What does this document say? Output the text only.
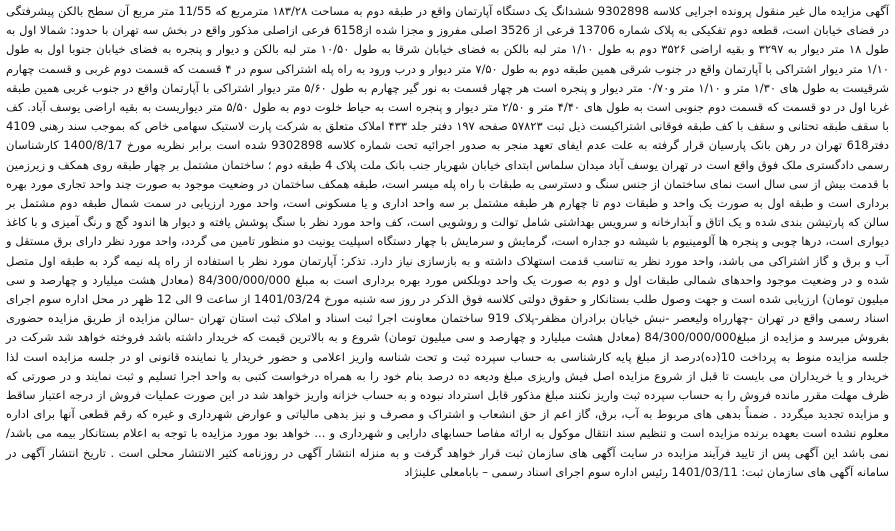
آگهی مزایده مال غیر منقول پرونده اجرایی کلاسه 9302898 ششدانگ یک دستگاه آپارتمان واقع در طبقه دوم به مساحت ۱۸۳/۲۸ مترمربع که 11/55 متر مربع آن سطح بالکن پیشرفتگی در فضای خیابان است، قطعه دوم تفکیکی به پلاک شماره 13706 فرعی از 3526 اصلی مفروز و مجزا شده از6158 فرعی ازاصلی مذکور واقع در بخش سه تهران با حدود: شمالا اول به طول ۱۸ متر دیوار به ۳۲۹۷ و بقیه اراضی ۳۵۲۶ دوم به طول ۱/۱۰ متر لبه بالکن به فضای خیابان شرقا به طول ۱۰/۵۰ متر لبه بالکن و دیوار و پنجره به فضای خیابان جنوبا اول به طول ۱/۱۰ متر دیوار اشتراکی با آپارتمان واقع در جنوب شرقی همین طبقه دوم به طول ۷/۵۰ متر دیوار و درب ورود به راه پله اشتراکی سوم در ۴ قسمت که قسمت دوم غربی و قسمت چهارم شرقیست به طول های ۱/۳۰ متر و ۱/۱۰ متر و۰/۷۰ متر دیوار و پنجره است هر چهار قسمت به نور گیر چهارم به طول ۵/۶۰ متر دیوار اشتراکی با آپارتمان واقع در جنوب غربی همین طبقه غربا اول در دو قسمت که قسمت دوم جنوبی است به طول های ۴/۴۰ متر و ۲/۵۰ متر دیوار و پنجره است به حیاط خلوت دوم به طول ۵/۵۰ متر دیواریست به بقیه اراضی یوسف آباد. کف با سقف طبقه تحتانی و سقف با کف طبقه فوقانی اشتراکیست ذیل ثبت ۵۷۸۲۳ صفحه ۱۹۷ دفتر جلد ۴۳۳ املاک متعلق به شرکت پارت لاستیک سهامی خاص که بموجب سند رهنی 4109 دفتر618 تهران در رهن بانک پارسیان قرار گرفته به علت عدم ایفای تعهد منجر به صدور اجرائیه تحت شماره کلاسه 9302898 شده است برابر نظریه مورخ 1400/8/17 کارشناسان رسمی دادگستری ملک فوق واقع است در تهران یوسف آباد میدان سلماس ابتدای خیابان شهریار جنب بانک ملت پلاک 4 طبقه دوم ؛ ساختمان مشتمل بر چهار طبقه روی همکف و زیرزمین با قدمت بیش از سی سال است نمای ساختمان از جنس سنگ و دسترسی به طبقات با راه پله میسر است، طبقه همکف ساختمان در وضعیت موجود به صورت چند واحد تجاری مورد بهره برداری است و طبقه اول به صورت یک واحد و طبقات دوم تا چهارم هر طبقه مشتمل بر سه واحد اداری و یا مسکونی است، واحد مورد ارزیابی در سمت شمال طبقه دوم مشتمل بر سالن که پارتیشن بندی شده و یک اتاق و آبدارخانه و سرویس بهداشتی شامل توالت و روشویی است، کف واحد مورد نظر با سنگ پوشش یافته و دیوار ها اندود گچ و رنگ آمیزی و با کاغذ دیواری است، درها چوبی و پنجره ها آلومینیوم با شیشه دو جداره است، گرمایش و سرمایش با چهار دستگاه اسپلیت یونیت دو منظور تامین می گردد، واحد مورد نظر دارای برق مستقل و آب و برق و گاز اشتراکی می باشد، واحد مورد نظر به تناسب قدمت استهلاک داشته و به بازسازی نیاز دارد. تذکر: آپارتمان مورد نظر با استفاده از راه پله نیمه گرد به طبقه اول متصل شده و در وضعیت موجود واحدهای شمالی طبقات اول و دوم به صورت یک واحد دوبلکس مورد بهره برداری است به مبلغ 84/300/000/000 (معادل هشت میلیارد و چهارصد و سی میلیون تومان) ارزیابی شده است و جهت وصول طلب بستانکار و حقوق دولتی کلاسه فوق الذکر در روز سه شنبه مورخ 1401/03/24 از ساعت 9 الی 12 ظهر در محل اداره سوم اجرای اسناد رسمی واقع در تهران -چهارراه ولیعصر -نبش خیابان برادران مظفر-پلاک 919 ساختمان معاونت اجرا ثبت اسناد و املاک ثبت استان تهران -سالن مزایده از طریق مزایده حضوری بفروش میرسد و مزایده از مبلغ84/300/000/000 (معادل هشت میلیارد و چهارصد و سی میلیون تومان) شروع و به بالاترین قیمت که خریدار داشته باشد فروخته خواهد شد شرکت در جلسه مزایده منوط به پرداخت 10(ده)درصد از مبلغ پایه کارشناسی به حساب سپرده ثبت و تحت شناسه واریز اعلامی و حضور خریدار یا نماینده قانونی او در جلسه مزایده است لذا خریدار و یا خریداران می بایست تا قبل از شروع مزایده اصل فیش واریزی مبلغ ودیعه ده درصد بنام خود را به همراه درخواست کتبی به واحد اجرا تسلیم و ثبت نمایند و در صورتی که ظرف مهلت مقرر مانده فروش را به حساب سپرده ثبت واریز نکنند مبلغ مذکور قابل استرداد نبوده و به حساب خزانه واریز خواهد شد در این صورت عملیات فروش از درجه اعتبار ساقط و مزایده تجدید میگردد . ضمناً بدهی های مربوط به آب، برق، گاز اعم از حق انشعاب و اشتراک و مصرف و نیز بدهی مالیاتی و عوارض شهرداری و غیره که رقم قطعی آنها برای اداره معلوم نشده است بعهده برنده مزایده است و تنظیم سند انتقال موکول به ارائه مفاصا حسابهای دارایی و شهرداری و ... خواهد بود مورد مزایده با توجه به اعلام بستانکار بیمه می باشد/نمی باشد این آگهی پس از تایید فرآیند مزایده در سایت آگهی های سازمان ثبت قرار خواهد گرفت و به منزله انتشار آگهی در روزنامه کثیر الانتشار محلی است . تاریخ انتشار آگهی در سامانه آگهی های سازمان ثبت: 1401/03/11 رئیس اداره سوم اجرای اسناد رسمی – بابامعلی علینژاد
